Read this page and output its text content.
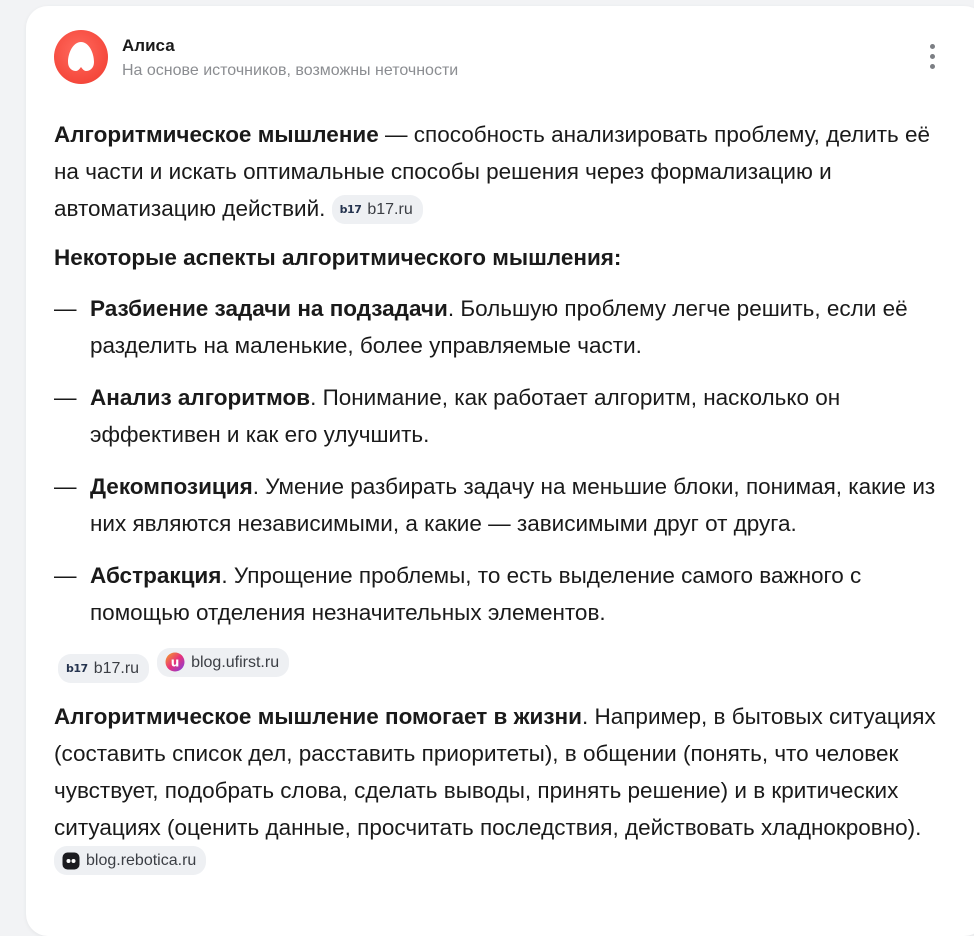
Алиса
На основе источников, возможны неточности

Алгоритмическое мышление — способность анализировать проблему, делить её на части и искать оптимальные способы решения через формализацию и автоматизацию действий. b17 b17.ru

Некоторые аспекты алгоритмического мышления:

— Разбиение задачи на подзадачи. Большую проблему легче решить, если её разделить на маленькие, более управляемые части.
— Анализ алгоритмов. Понимание, как работает алгоритм, насколько он эффективен и как его улучшить.
— Декомпозиция. Умение разбирать задачу на меньшие блоки, понимая, какие из них являются независимыми, а какие — зависимыми друг от друга.
— Абстракция. Упрощение проблемы, то есть выделение самого важного с помощью отделения незначительных элементов.
b17 b17.ru	u blog.ufirst.ru

Алгоритмическое мышление помогает в жизни. Например, в бытовых ситуациях (составить список дел, расставить приоритеты), в общении (понять, что человек чувствует, подобрать слова, сделать выводы, принять решение) и в критических ситуациях (оценить данные, просчитать последствия, действовать хладнокровно).
blog.rebotica.ru
